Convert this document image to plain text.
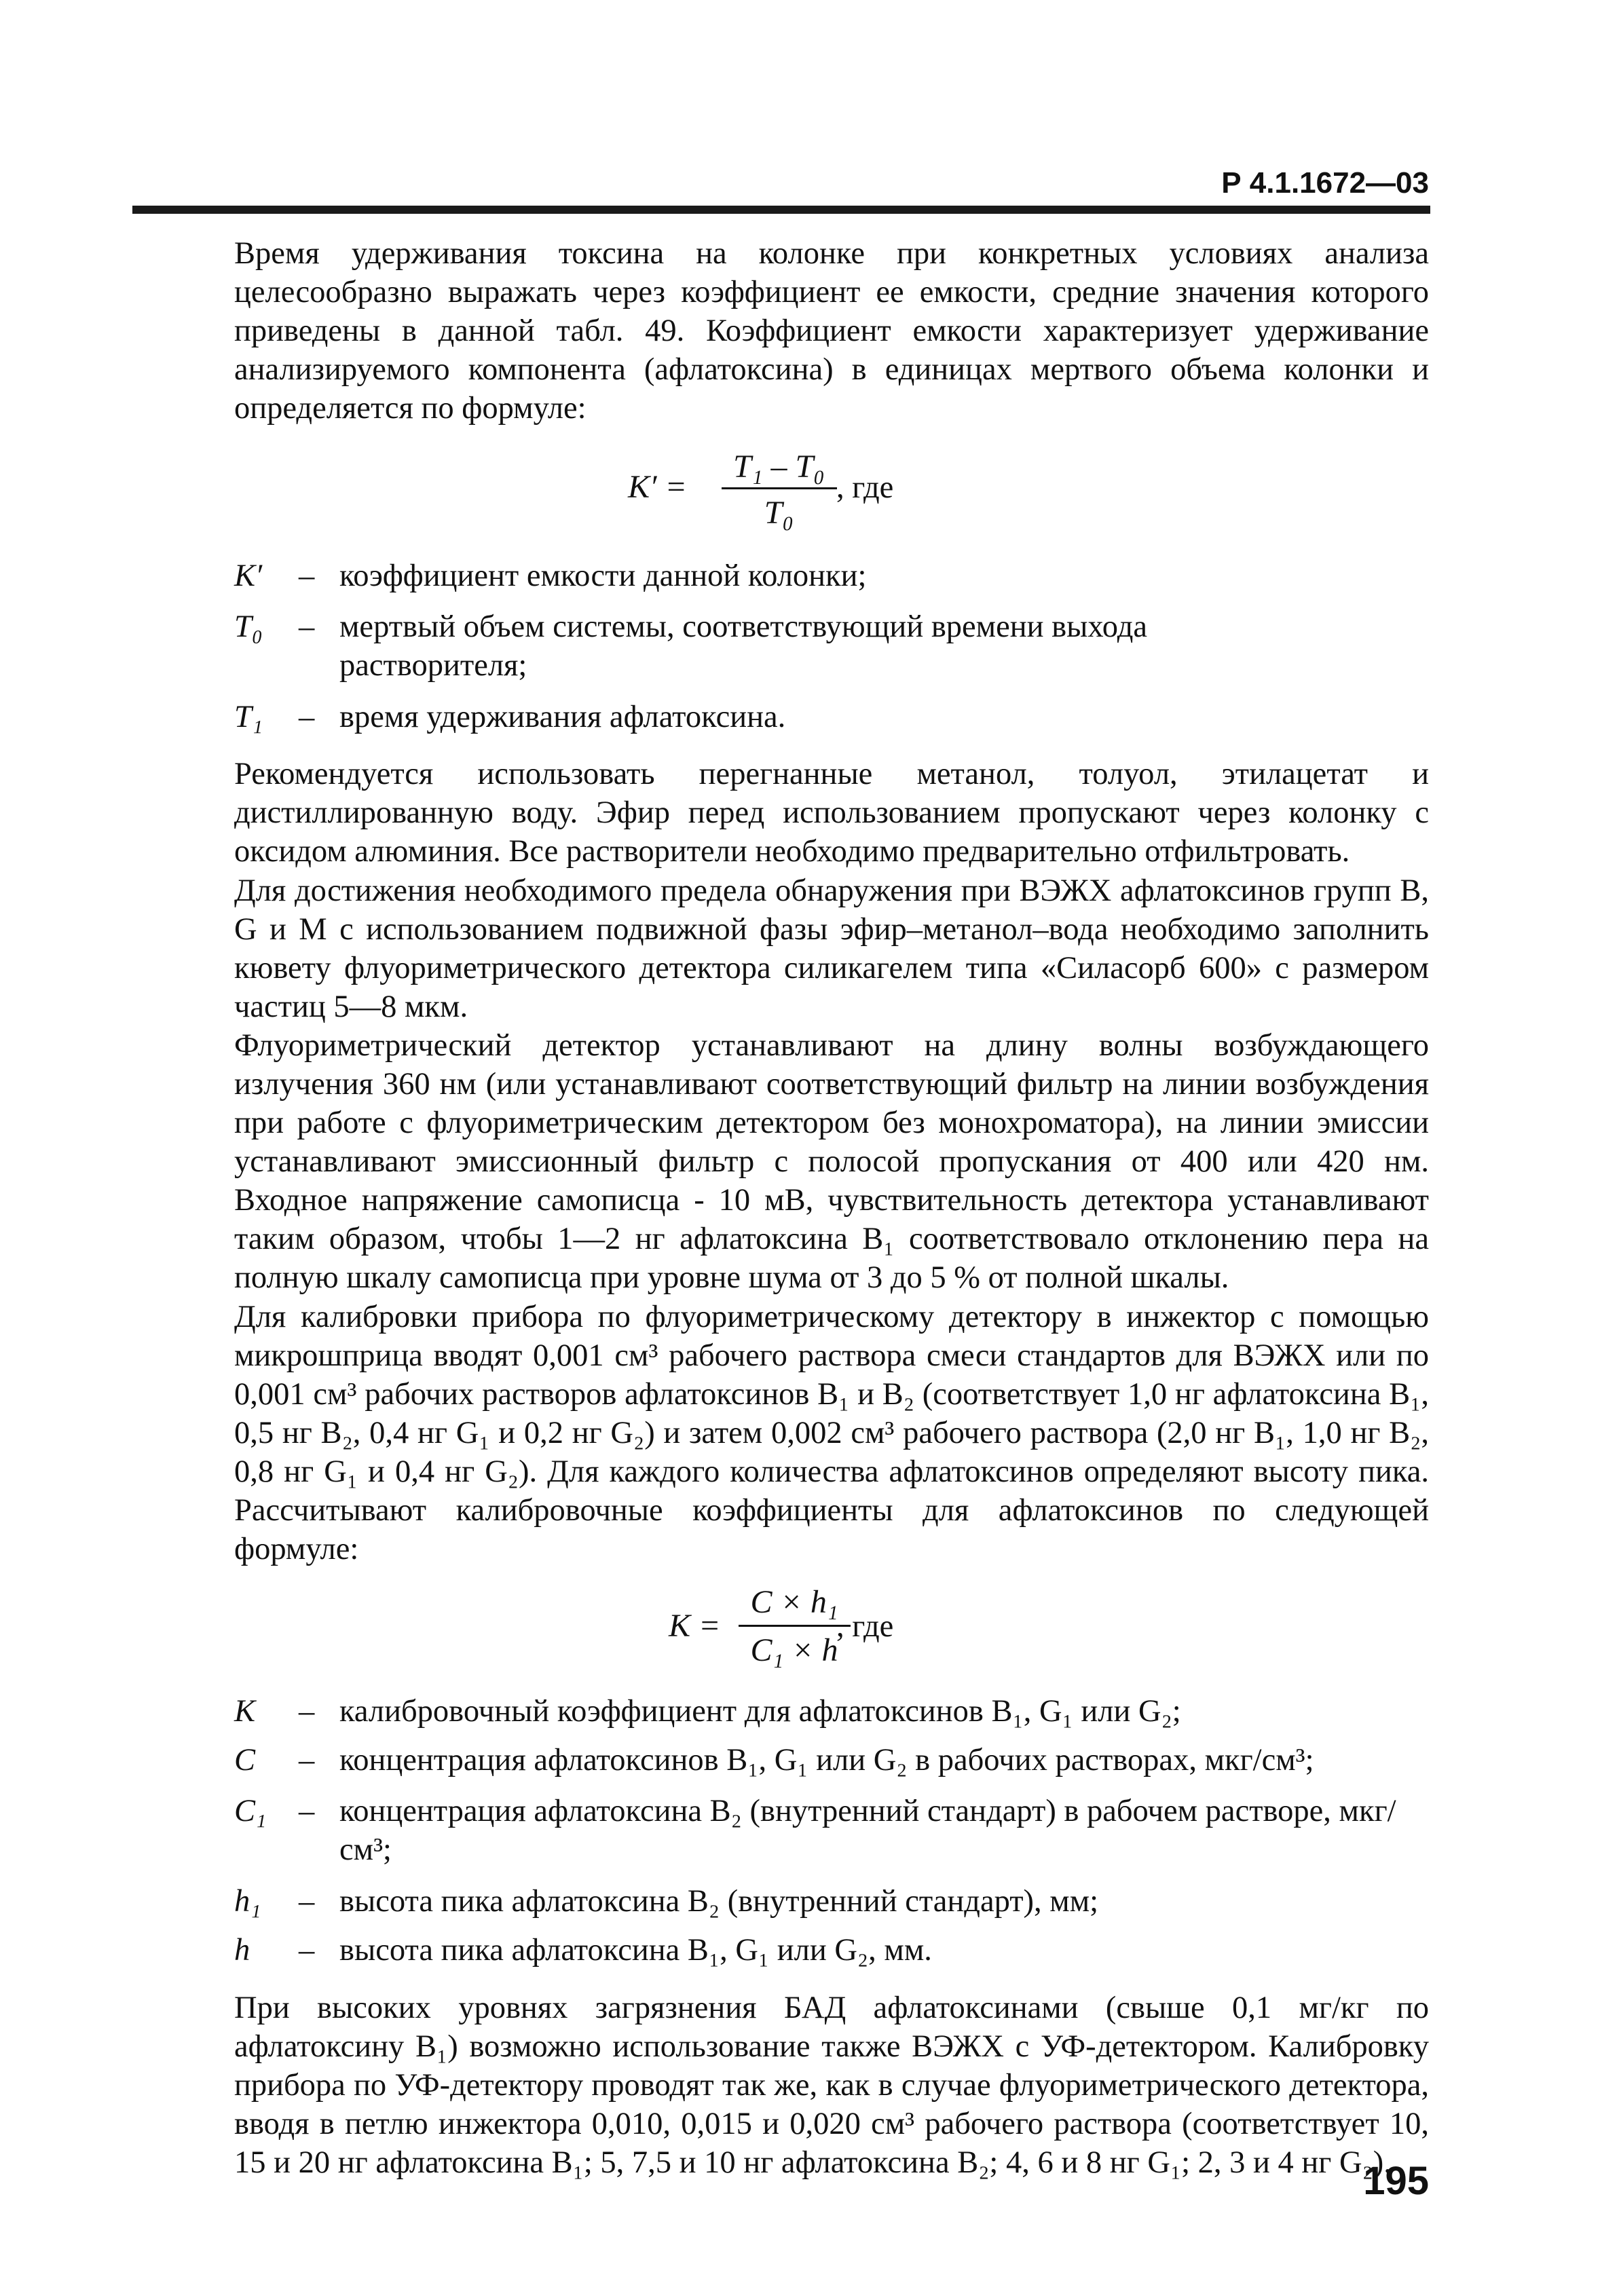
Р 4.1.1672—03

Время удерживания токсина на колонке при конкретных условиях анализа целесообразно выражать через коэффициент ее емкости, средние значения которого приведены в данной табл. 49. Коэффициент емкости характеризует удерживание анализируемого компонента (афлатоксина) в единицах мертвого объема колонки и определяется по формуле:

K′ =
T₁ – T₀
T₀
, где
K′ – коэффициент емкости данной колонки;
T₀ – мертвый объем системы, соответствующий времени выхода растворителя;
T₁ – время удерживания афлатоксина.

Рекомендуется использовать перегнанные метанол, толуол, этилацетат и дистиллированную воду. Эфир перед использованием пропускают через колонку с оксидом алюминия. Все растворители необходимо предварительно отфильтровать.

Для достижения необходимого предела обнаружения при ВЭЖХ афлатоксинов групп В, G и М с использованием подвижной фазы эфир–метанол–вода необходимо заполнить кювету флуориметрического детектора силикагелем типа «Силасорб 600» с размером частиц 5—8 мкм.

Флуориметрический детектор устанавливают на длину волны возбуждающего излучения 360 нм (или устанавливают соответствующий фильтр на линии возбуждения при работе с флуориметрическим детектором без монохроматора), на линии эмиссии устанавливают эмиссионный фильтр с полосой пропускания от 400 или 420 нм. Входное напряжение самописца - 10 мВ, чувствительность детектора устанавливают таким образом, чтобы 1—2 нг афлатоксина В₁ соответствовало отклонению пера на полную шкалу самописца при уровне шума от 3 до 5 % от полной шкалы.

Для калибровки прибора по флуориметрическому детектору в инжектор с помощью микрошприца вводят 0,001 см³ рабочего раствора смеси стандартов для ВЭЖХ или по 0,001 см³ рабочих растворов афлатоксинов В₁ и В₂ (соответствует 1,0 нг афлатоксина В₁, 0,5 нг В₂, 0,4 нг G₁ и 0,2 нг G₂) и затем 0,002 см³ рабочего раствора (2,0 нг В₁, 1,0 нг В₂, 0,8 нг G₁ и 0,4 нг G₂). Для каждого количества афлатоксинов определяют высоту пика. Рассчитывают калибровочные коэффициенты для афлатоксинов по следующей формуле:

K =
C × h₁
C₁ × h
, где
K – калибровочный коэффициент для афлатоксинов В₁, G₁ или G₂;
C – концентрация афлатоксинов В₁, G₁ или G₂ в рабочих растворах, мкг/см³;
C₁ – концентрация афлатоксина В₂ (внутренний стандарт) в рабочем растворе, мкг/см³;
h₁ – высота пика афлатоксина В₂ (внутренний стандарт), мм;
h – высота пика афлатоксина В₁, G₁ или G₂, мм.

При высоких уровнях загрязнения БАД афлатоксинами (свыше 0,1 мг/кг по афлатоксину В₁) возможно использование также ВЭЖХ с УФ-детектором. Калибровку прибора по УФ-детектору проводят так же, как в случае флуориметрического детектора, вводя в петлю инжектора 0,010, 0,015 и 0,020 см³ рабочего раствора (соответствует 10, 15 и 20 нг афлатоксина В₁; 5, 7,5 и 10 нг афлатоксина В₂; 4, 6 и 8 нг G₁; 2, 3 и 4 нг G₂).

195
